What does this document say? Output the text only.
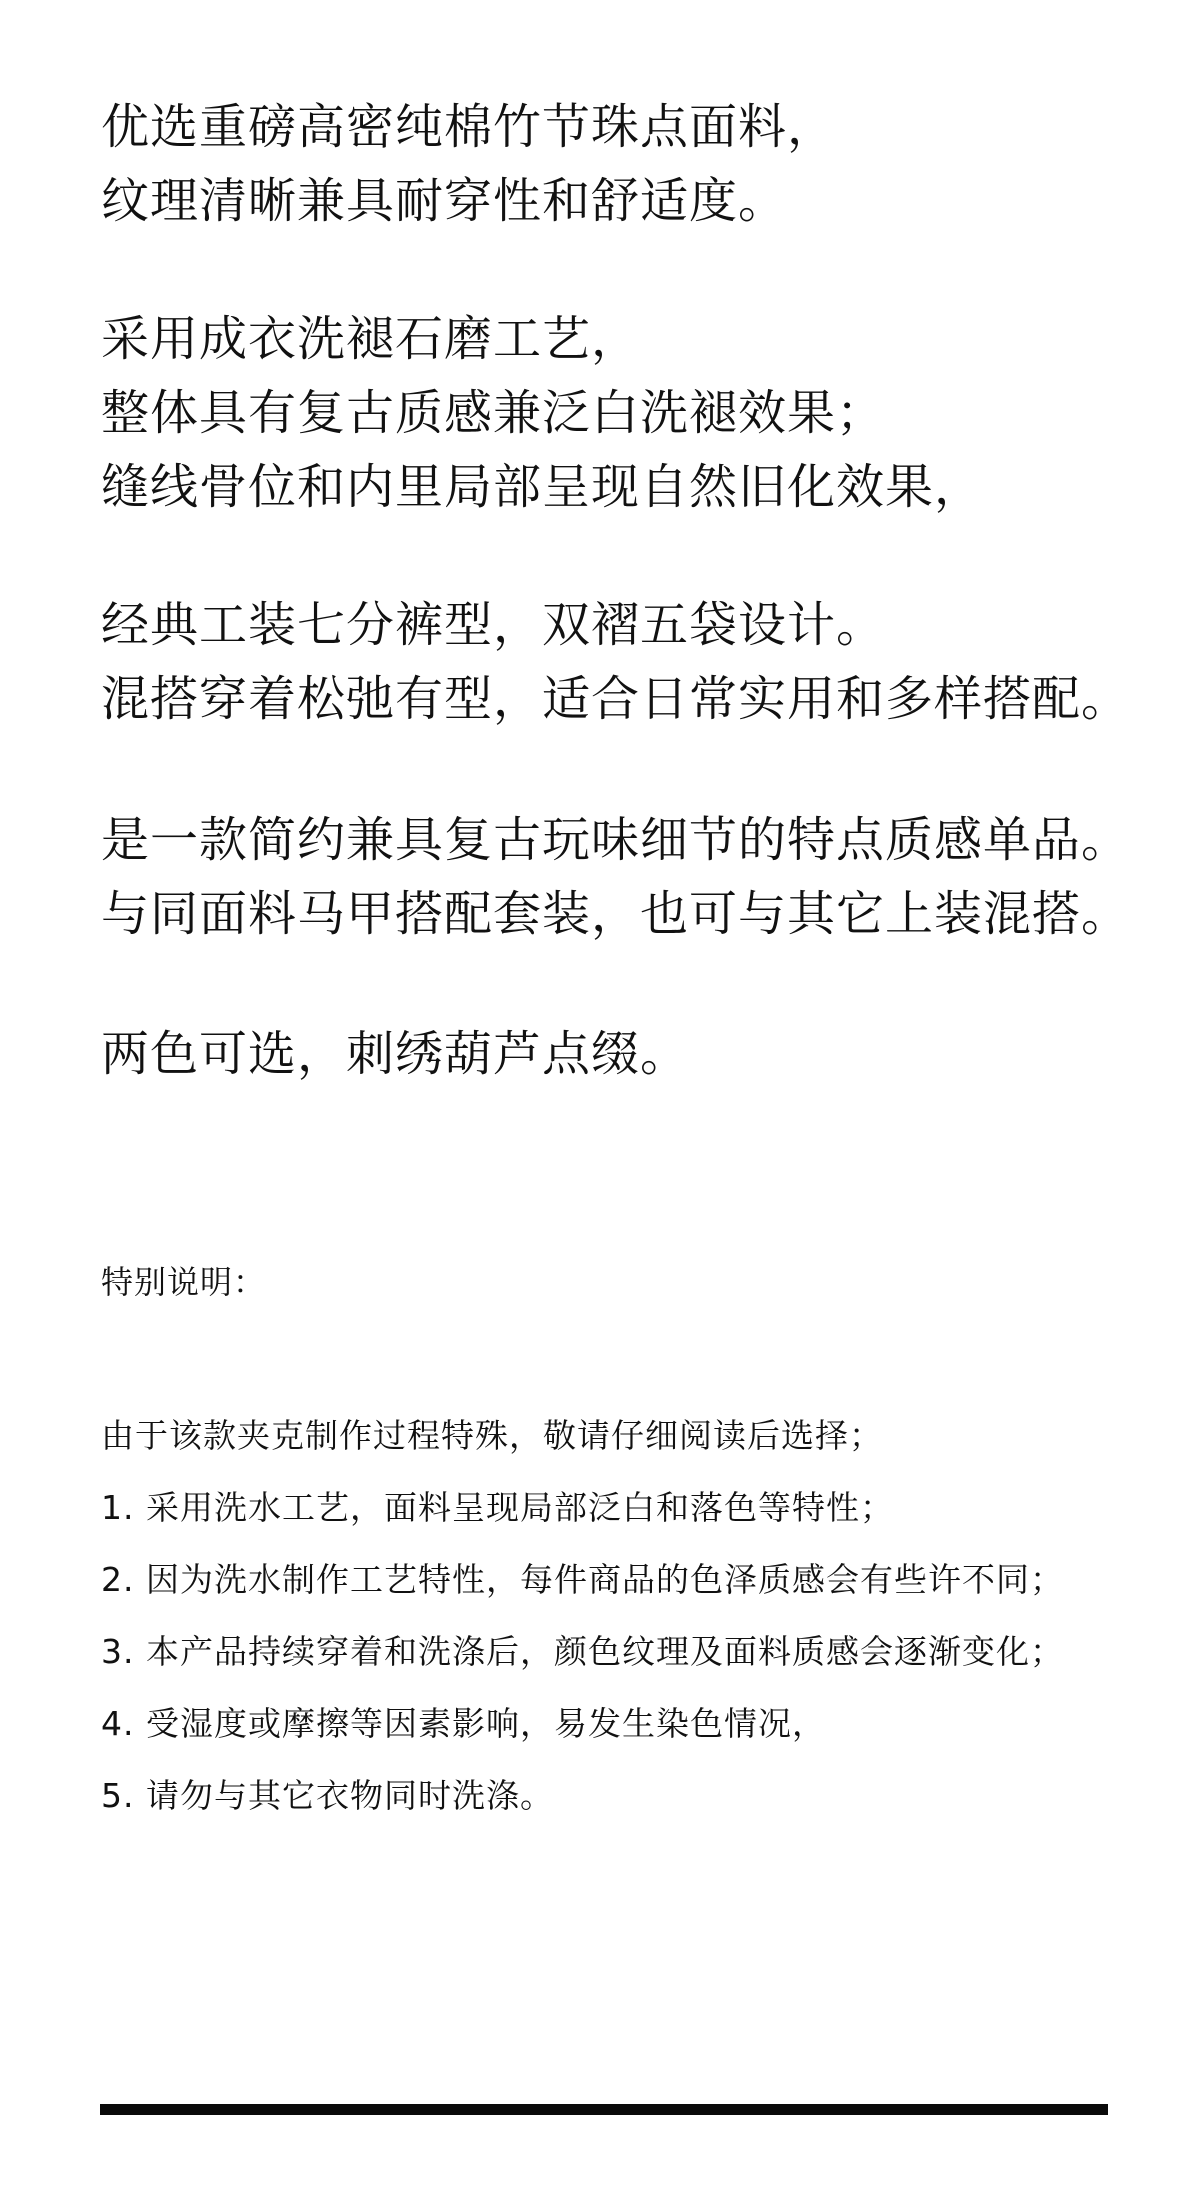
优选重磅高密纯棉竹节珠点面料，
纹理清晰兼具耐穿性和舒适度。
采用成衣洗褪石磨工艺，
整体具有复古质感兼泛白洗褪效果；
缝线骨位和内里局部呈现自然旧化效果，
经典工装七分裤型，双褶五袋设计。
混搭穿着松弛有型，适合日常实用和多样搭配。
是一款简约兼具复古玩味细节的特点质感单品。
与同面料马甲搭配套装，也可与其它上装混搭。
两色可选，刺绣葫芦点缀。
特别说明：
由于该款夹克制作过程特殊，敬请仔细阅读后选择；
1. 采用洗水工艺，面料呈现局部泛白和落色等特性；
2. 因为洗水制作工艺特性，每件商品的色泽质感会有些许不同；
3. 本产品持续穿着和洗涤后，颜色纹理及面料质感会逐渐变化；
4. 受湿度或摩擦等因素影响，易发生染色情况，
5. 请勿与其它衣物同时洗涤。
